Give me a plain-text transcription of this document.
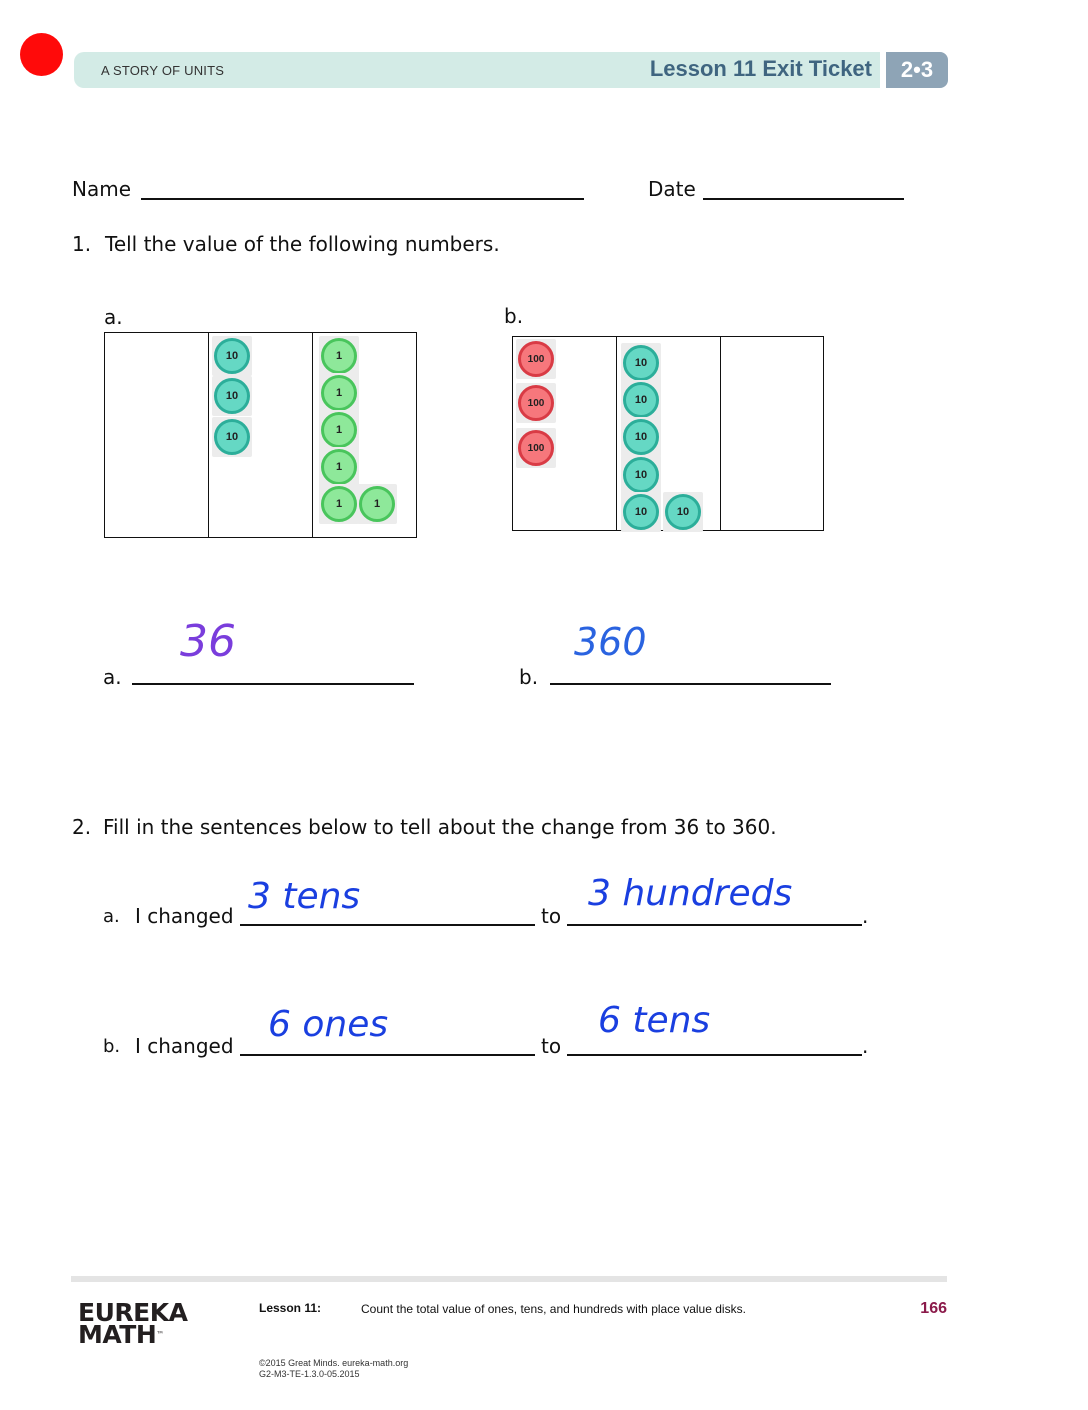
A STORY OF UNITS	Lesson 11 Exit Ticket	2•3
Name	Date
1. Tell the value of the following numbers.
a.	b.
10
10
10
1
1
1
1
1	1
100
100
100
10
10
10
10
10	10
a.
36
b.
360
2. Fill in the sentences below to tell about the change from 36 to 360.
a. I changed	to	.
3 tens	3 hundreds
b. I changed	to	.
6 ones	6 tens
EUREKA
MATH™
Lesson 11:	Count the total value of ones, tens, and hundreds with place value disks.	166
©2015 Great Minds. eureka-math.org
G2-M3-TE-1.3.0-05.2015
